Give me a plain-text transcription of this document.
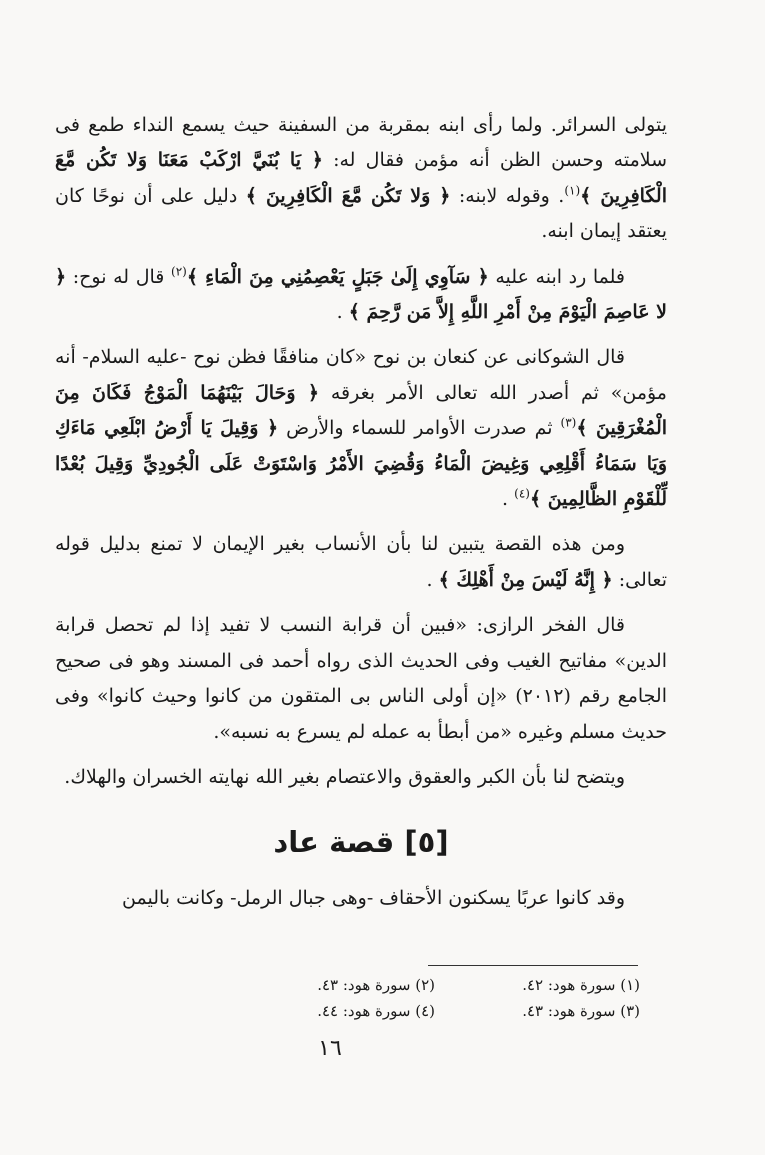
يتولى السرائر. ولما رأى ابنه بمقربة من السفينة حيث يسمع النداء طمع فى سلامته وحسن الظن أنه مؤمن فقال له: ﴿ يَا بُنَيَّ ارْكَبْ مَعَنَا وَلا تَكُن مَّعَ الْكَافِرِينَ ﴾$^{(١)}$. وقوله لابنه: ﴿ وَلا تَكُن مَّعَ الْكَافِرِينَ ﴾ دليل على أن نوحًا كان يعتقد إيمان ابنه.

فلما رد ابنه عليه ﴿ سَآوِي إِلَىٰ جَبَلٍ يَعْصِمُنِي مِنَ الْمَاءِ ﴾$^{(٢)}$ قال له نوح: ﴿ لا عَاصِمَ الْيَوْمَ مِنْ أَمْرِ اللَّهِ إِلاَّ مَن رَّحِمَ ﴾ .

قال الشوكانى عن كنعان بن نوح «كان منافقًا فظن نوح -عليه السلام- أنه مؤمن» ثم أصدر الله تعالى الأمر بغرقه ﴿ وَحَالَ بَيْنَهُمَا الْمَوْجُ فَكَانَ مِنَ الْمُغْرَقِينَ ﴾$^{(٣)}$ ثم صدرت الأوامر للسماء والأرض ﴿ وَقِيلَ يَا أَرْضُ ابْلَعِي مَاءَكِ وَيَا سَمَاءُ أَقْلِعِي وَغِيضَ الْمَاءُ وَقُضِيَ الأَمْرُ وَاسْتَوَتْ عَلَى الْجُودِيِّ وَقِيلَ بُعْدًا لِّلْقَوْمِ الظَّالِمِينَ ﴾$^{(٤)}$ .

ومن هذه القصة يتبين لنا بأن الأنساب بغير الإيمان لا تمنع بدليل قوله تعالى: ﴿ إِنَّهُ لَيْسَ مِنْ أَهْلِكَ ﴾ .

قال الفخر الرازى: «فبين أن قرابة النسب لا تفيد إذا لم تحصل قرابة الدين» مفاتيح الغيب وفى الحديث الذى رواه أحمد فى المسند وهو فى صحيح الجامع رقم (٢٠١٢) «إن أولى الناس بى المتقون من كانوا وحيث كانوا» وفى حديث مسلم وغيره «من أبطأ به عمله لم يسرع به نسبه».

ويتضح لنا بأن الكبر والعقوق والاعتصام بغير الله نهايته الخسران والهلاك.

[٥] قصة عاد

وقد كانوا عربًا يسكنون الأحقاف -وهى جبال الرمل- وكانت باليمن

(١) سورة هود: ٤٢.
(٢) سورة هود: ٤٣.
(٣) سورة هود: ٤٣.
(٤) سورة هود: ٤٤.
١٦
